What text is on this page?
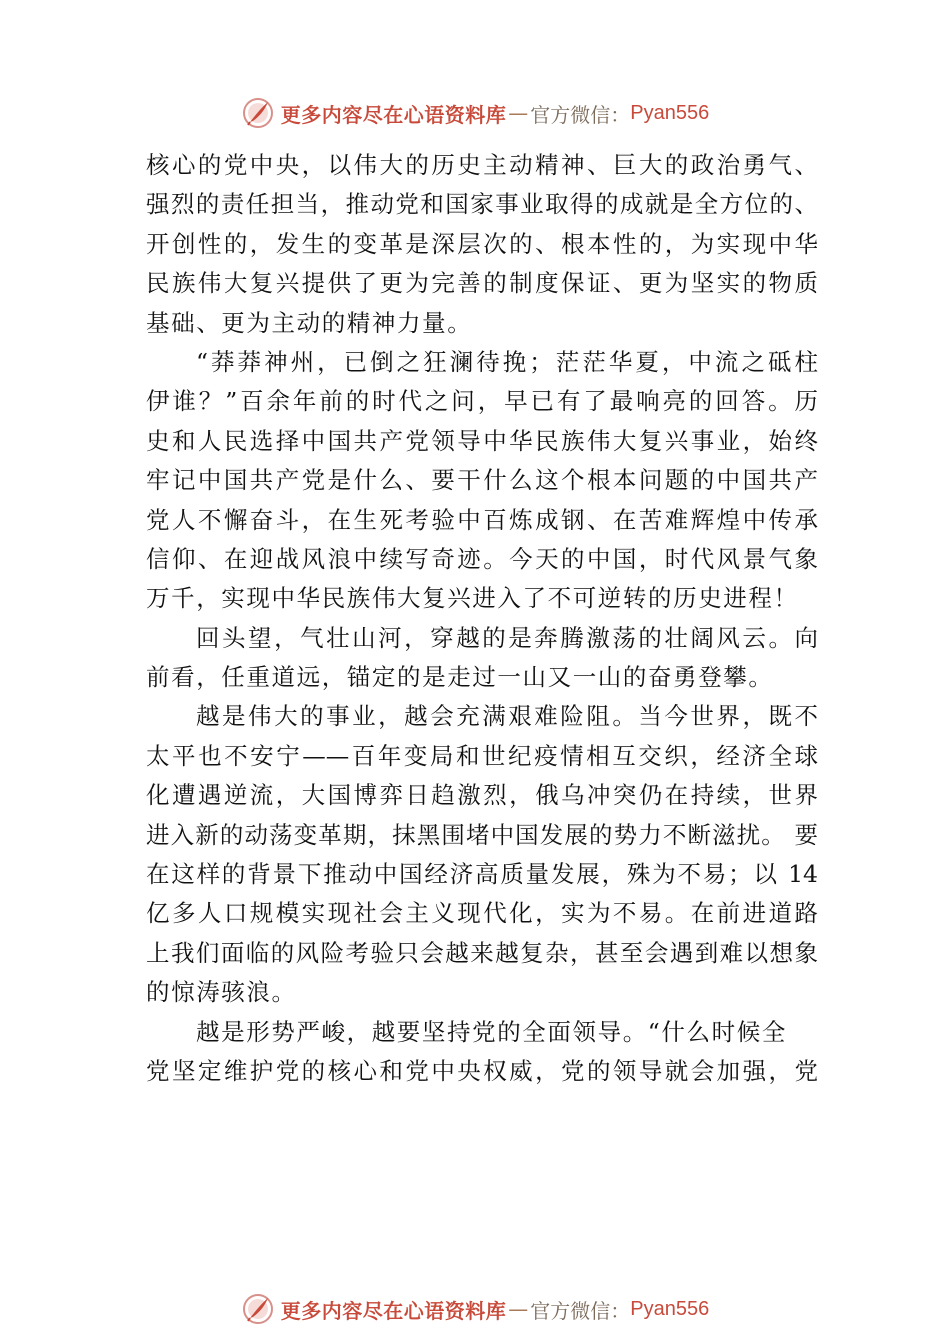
更多内容尽在心语资料库 — 官方微信： Pyan556
核心的党中央，以伟大的历史主动精神、巨大的政治勇气、
强烈的责任担当，推动党和国家事业取得的成就是全方位的、
开创性的，发生的变革是深层次的、根本性的，为实现中华
民族伟大复兴提供了更为完善的制度保证、更为坚实的物质
基础、更为主动的精神力量。
“莽莽神州，已倒之狂澜待挽；茫茫华夏，中流之砥柱
伊谁？”百余年前的时代之问，早已有了最响亮的回答。历
史和人民选择中国共产党领导中华民族伟大复兴事业，始终
牢记中国共产党是什么、要干什么这个根本问题的中国共产
党人不懈奋斗，在生死考验中百炼成钢、在苦难辉煌中传承
信仰、在迎战风浪中续写奇迹。今天的中国，时代风景气象
万千，实现中华民族伟大复兴进入了不可逆转的历史进程！
回头望，气壮山河，穿越的是奔腾激荡的壮阔风云。向
前看，任重道远，锚定的是走过一山又一山的奋勇登攀。
越是伟大的事业，越会充满艰难险阻。当今世界，既不
太平也不安宁——百年变局和世纪疫情相互交织，经济全球
化遭遇逆流，大国博弈日趋激烈，俄乌冲突仍在持续，世界
进入新的动荡变革期，抹黑围堵中国发展的势力不断滋扰。 要
在这样的背景下推动中国经济高质量发展，殊为不易；以 14
亿多人口规模实现社会主义现代化，实为不易。在前进道路
上我们面临的风险考验只会越来越复杂，甚至会遇到难以想象
的惊涛骇浪。
越是形势严峻，越要坚持党的全面领导。“什么时候全
党坚定维护党的核心和党中央权威，党的领导就会加强，党
更多内容尽在心语资料库 — 官方微信： Pyan556
